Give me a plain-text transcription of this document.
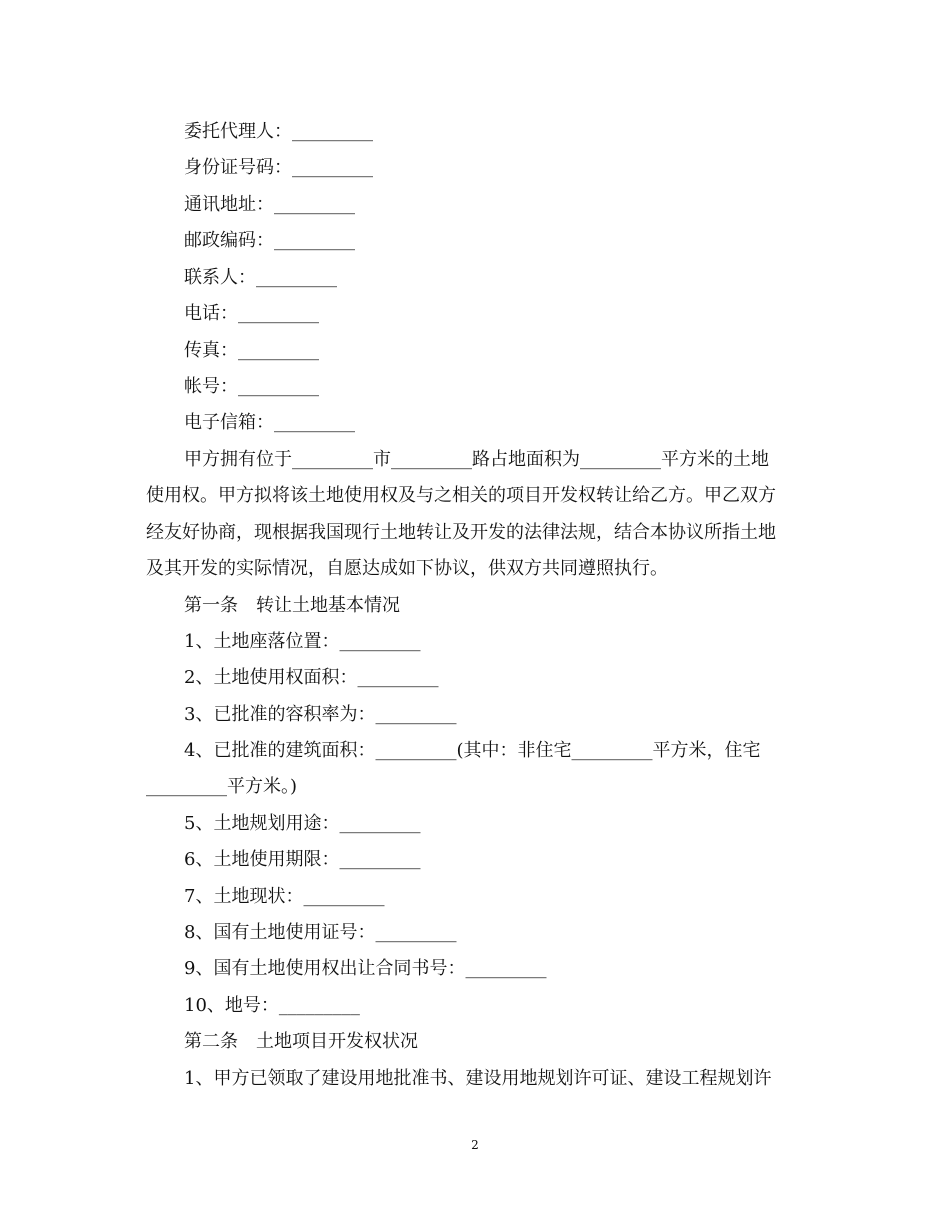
委托代理人：_________
身份证号码：_________
通讯地址：_________
邮政编码：_________
联系人：_________
电话：_________
传真：_________
帐号：_________
电子信箱：_________
甲方拥有位于_________市_________路占地面积为_________平方米的土地
使用权。甲方拟将该土地使用权及与之相关的项目开发权转让给乙方。甲乙双方
经友好协商，现根据我国现行土地转让及开发的法律法规，结合本协议所指土地
及其开发的实际情况，自愿达成如下协议，供双方共同遵照执行。
第一条　转让土地基本情况
1、土地座落位置：_________
2、土地使用权面积：_________
3、已批准的容积率为：_________
4、已批准的建筑面积：_________(其中：非住宅_________平方米，住宅
_________平方米。)
5、土地规划用途：_________
6、土地使用期限：_________
7、土地现状：_________
8、国有土地使用证号：_________
9、国有土地使用权出让合同书号：_________
10、地号：_________
第二条　土地项目开发权状况
1、甲方已领取了建设用地批准书、建设用地规划许可证、建设工程规划许
2
